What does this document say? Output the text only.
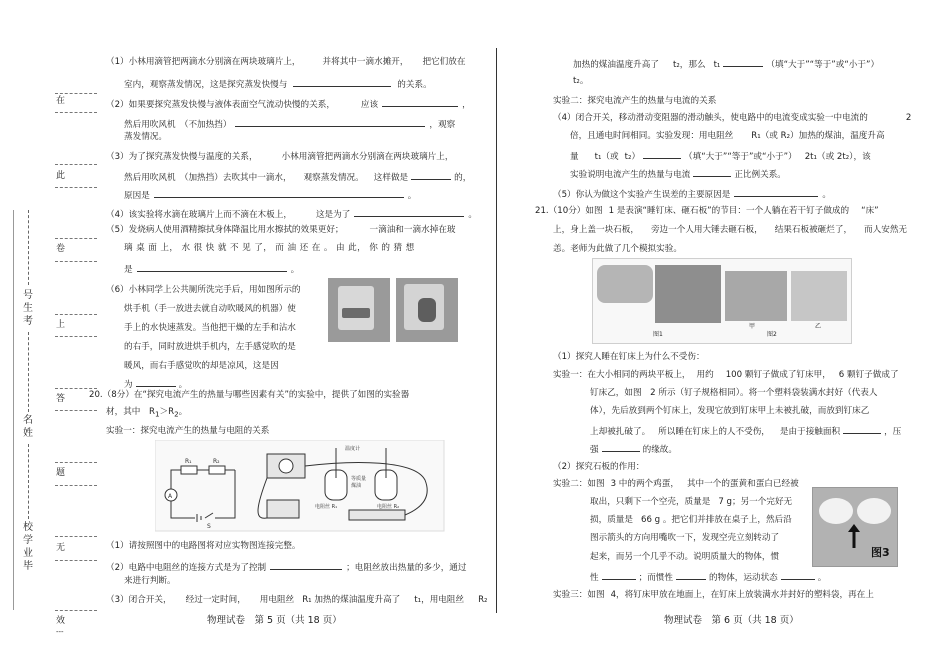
在
此
卷
上
答
题
无
效
---
号
生
考
名
姓
校
学
业
毕
（1）小林用滴管把两滴水分别滴在两块玻璃片上，	并将其中一滴水摊开， 把它们放在
室内，观察蒸发情况，这是探究蒸发快慢与	的关系。
（2）如果要探究蒸发快慢与液体表面空气流动快慢的关系，	应该	，
然后用吹风机　（不加热挡）	，观察
蒸发情况。
（3）为了探究蒸发快慢与温度的关系，	小林用滴管把两滴水分别滴在两块玻璃片上，
然后用吹风机　（加热挡）去吹其中一滴水， 观察蒸发情况。 这样做是	的，
原因是	。
（4）该实验将水滴在玻璃片上而不滴在木板上，	这是为了	。
（5）发烧病人使用酒精擦拭身体降温比用水擦拭的效果更好；	一滴油和一滴水掉在玻
璃 桌 面 上， 水 很 快 就 不 见 了， 而 油 还 在 。 由 此， 你 的 猜 想
是	。
（6）小林同学上公共厕所洗完手后，用如图所示的
烘手机（手一放进去就自动吹暖风的机器）使
手上的水快速蒸发。当他把干燥的左手和沾水
的右手，同时放进烘手机内，左手感觉吹的是
暖风，而右手感觉吹的却是凉风，这是因
为	。
20.（8分）在“探究电流产生的热量与哪些因素有关”的实验中，提供了如图的实验器
材，其中　$R_1>R_2$。
实验一：探究电流产生的热量与电阻的关系
R₁	R₂
A
S
温度计
等质量
煤油
电阻丝 R₁	电阻丝 R₂
（1）请按照图中的电路图将对应实物图连接完整。
（2）电路中电阻丝的连接方式是为了控制	；电阻丝放出热量的多少，通过
来进行判断。
（3）闭合开关， 经过一定时间， 用电阻丝 R₁ 加热的煤油温度升高了 t₁，用电阻丝 R₂
物理试卷　第 5 页（共 18 页）
加热的煤油温度升高了 t₂，那么 t₁	（填“大于”“等于”或“小于”）
t₂。
实验二：探究电流产生的热量与电流的关系
（4）闭合开关，移动滑动变阻器的滑动触头，使电路中的电流变成实验一中电流的	2
倍，且通电时间相同。实验发现：用电阻丝 R₁（或 R₂）加热的煤油，温度升高
量 t₁（或 t₂）	（填“大于”“等于”或“小于”） 2t₁（或 2t₂），该
实验说明电流产生的热量与电流	正比例关系。
（5）你认为做这个实验产生误差的主要原因是	。
21.（10分）如图 1 是表演“睡钉床、砸石板”的节目：一个人躺在若干钉子做成的 “床”
上，身上盖一块石板， 旁边一个人用大锤去砸石板， 结果石板被砸烂了， 而人安然无
恙。老师为此做了几个模拟实验。
图1
甲
图2
乙
（1）探究人睡在钉床上为什么不受伤：
实验一：在大小相同的两块平板上， 用约 100 颗钉子做成了钉床甲， 6 颗钉子做成了
钉床乙，如图　2 所示（钉子规格相同）。将一个塑料袋装满水封好（代表人
体），先后放到两个钉床上，发现它放到钉床甲上未被扎破，而放到钉床乙
上却被扎破了。 所以睡在钉床上的人不受伤， 是由于接触面积	，压
强	的缘故。
（2）探究石板的作用：
实验二：如图 3 中的两个鸡蛋， 其中一个的蛋黄和蛋白已经被
取出，只剩下一个空壳，质量是 7 g；另一个完好无
损，质量是 66 g 。把它们并排放在桌子上，然后沿
图示箭头的方向用嘴吹一下，发现空壳立刻转动了
起来，而另一个几乎不动。说明质量大的物体，惯
性	；而惯性	的物体，运动状态	。
图3
实验三：如图 4，将钉床甲放在地面上，在钉床上放装满水并封好的塑料袋，再在上
物理试卷　第 6 页（共 18 页）
